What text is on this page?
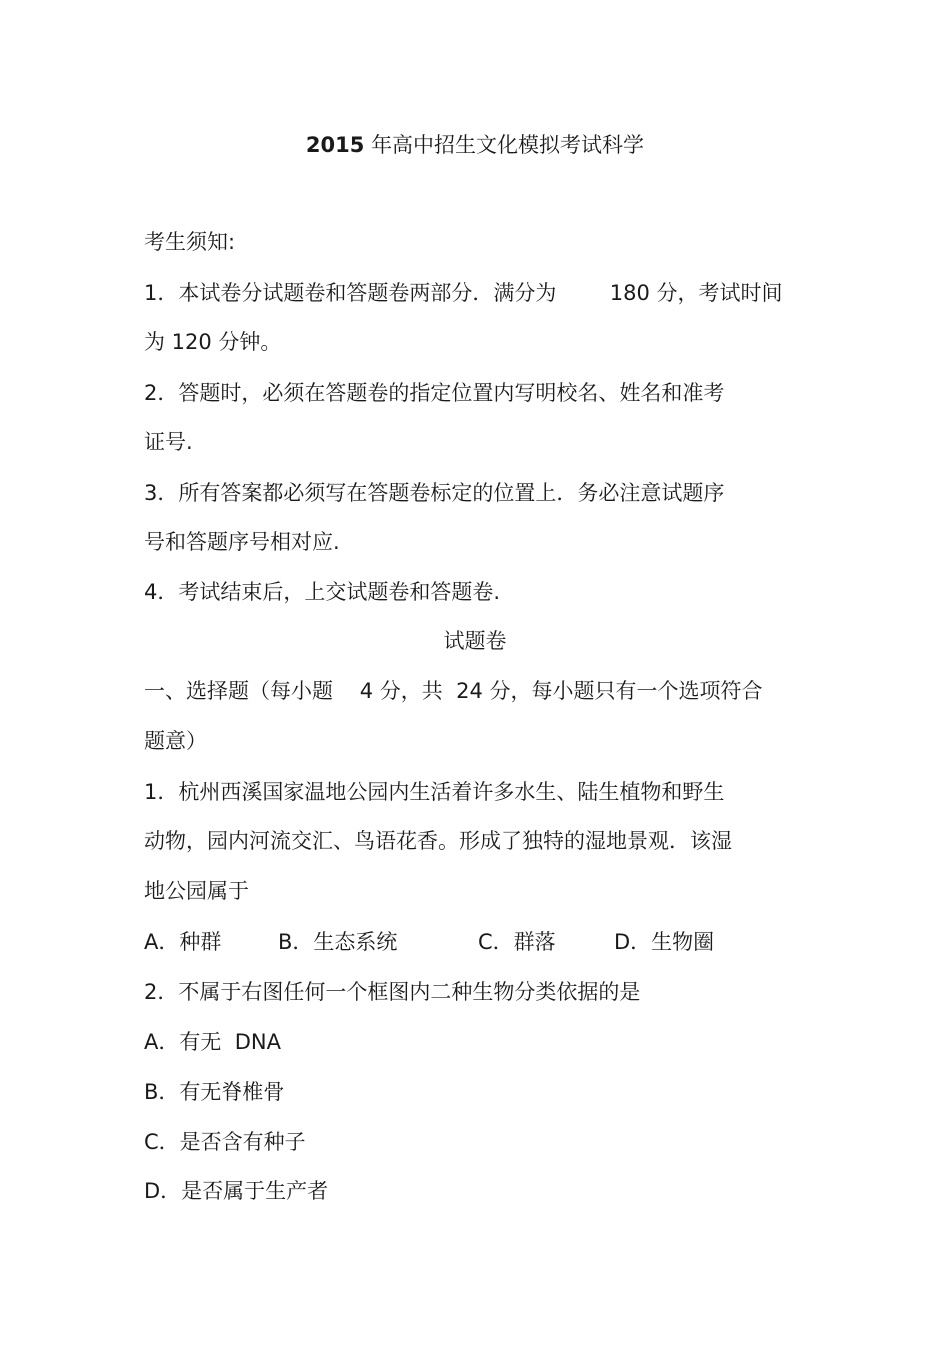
2015 年高中招生文化模拟考试科学
考生须知:
1．本试卷分试题卷和答题卷两部分．满分为        180 分，考试时间
为 120 分钟。
2．答题时，必须在答题卷的指定位置内写明校名、姓名和准考
证号.
3．所有答案都必须写在答题卷标定的位置上．务必注意试题序
号和答题序号相对应.
4．考试结束后，上交试题卷和答题卷.
试题卷
一、选择题（每小题    4 分，共  24 分，每小题只有一个选项符合
题意）
1．杭州西溪国家温地公园内生活着许多水生、陆生植物和野生
动物，园内河流交汇、鸟语花香。形成了独特的湿地景观．该湿
地公园属于
A．种群	B．生态系统	C．群落	D．生物圈
2．不属于右图任何一个框图内二种生物分类依据的是
A．有无  DNA
B．有无脊椎骨
C．是否含有种子
D．是否属于生产者
